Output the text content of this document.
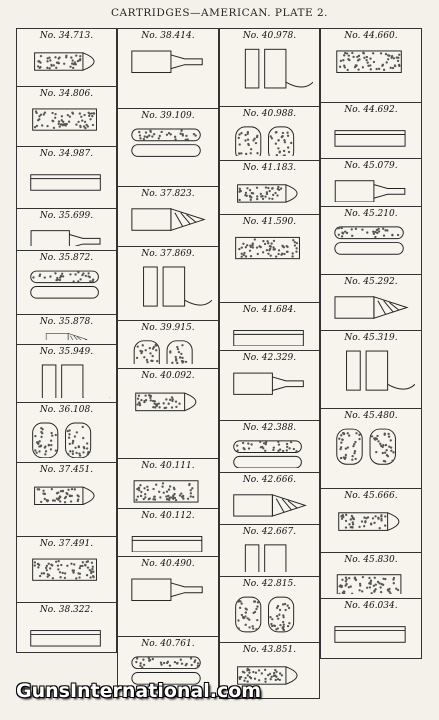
CARTRIDGES—AMERICAN. PLATE 2.
No. 34.713.
No. 34.806.
No. 34.987.
No. 35.699.
No. 35.872.
No. 35.878.
No. 35.949.
No. 36.108.
No. 37.451.
No. 37.491.
No. 38.322.
No. 38.414.
No. 39.109.
No. 37.823.
No. 37.869.
No. 39.915.
No. 40.092.
No. 40.111.
No. 40.112.
No. 40.490.
No. 40.761.
No. 40.978.
No. 40.988.
No. 41.183.
No. 41.590.
No. 41.684.
No. 42.329.
No. 42.388.
No. 42.666.
No. 42.667.
No. 42.815.
No. 43.851.
No. 44.660.
No. 44.692.
No. 45.079.
No. 45.210.
No. 45.292.
No. 45.319.
No. 45.480.
No. 45.666.
No. 45.830.
No. 46.034.
GunsInternational.com
